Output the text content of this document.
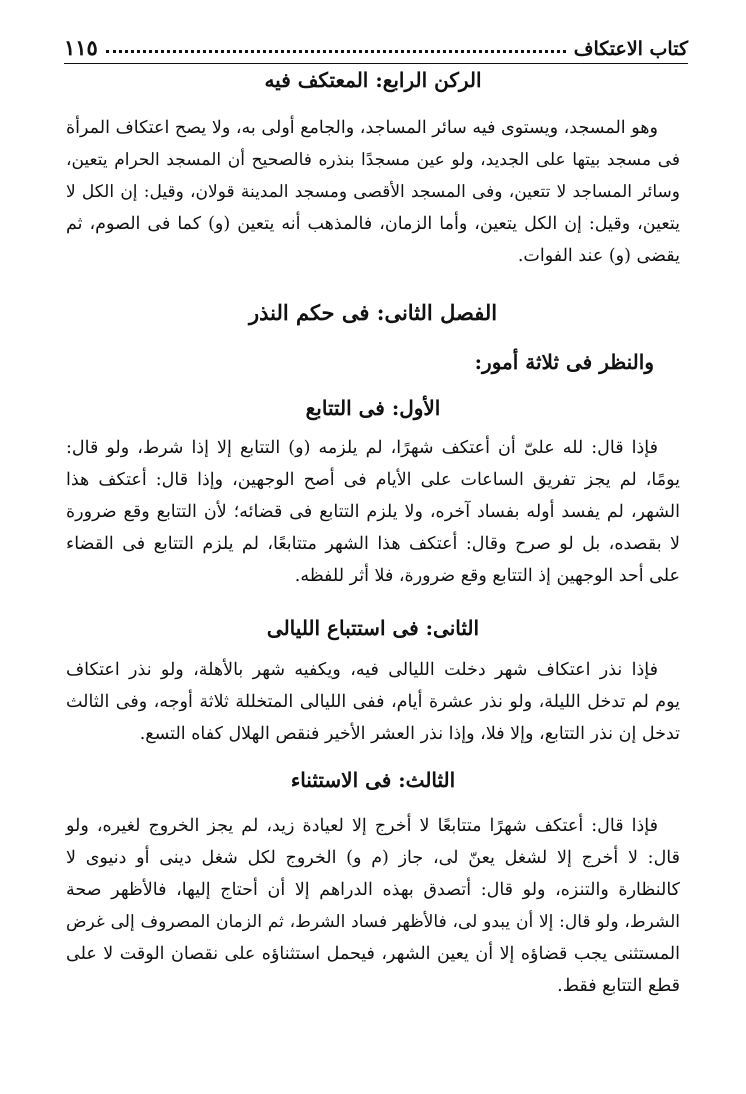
كتاب الاعتكاف
١١٥
الركن الرابع: المعتكف فيه
وهو المسجد، ويستوى فيه سائر المساجد، والجامع أولى به، ولا يصح اعتكاف المرأة
فى مسجد بيتها على الجديد، ولو عين مسجدًا بنذره فالصحيح أن المسجد الحرام يتعين،
وسائر المساجد لا تتعين، وفى المسجد الأقصى ومسجد المدينة قولان، وقيل: إن الكل لا
يتعين، وقيل: إن الكل يتعين، وأما الزمان، فالمذهب أنه يتعين (و) كما فى الصوم، ثم
يقضى (و) عند الفوات.
الفصل الثانى: فى حكم النذر
والنظر فى ثلاثة أمور:
الأول: فى التتابع
فإذا قال: لله علىّ أن أعتكف شهرًا، لم يلزمه (و) التتابع إلا إذا شرط، ولو قال:
يومًا، لم يجز تفريق الساعات على الأيام فى أصح الوجهين، وإذا قال: أعتكف هذا
الشهر، لم يفسد أوله بفساد آخره، ولا يلزم التتابع فى قضائه؛ لأن التتابع وقع ضرورة
لا بقصده، بل لو صرح وقال: أعتكف هذا الشهر متتابعًا، لم يلزم التتابع فى القضاء
على أحد الوجهين إذ التتابع وقع ضرورة، فلا أثر للفظه.
الثانى: فى استتباع الليالى
فإذا نذر اعتكاف شهر دخلت الليالى فيه، ويكفيه شهر بالأهلة، ولو نذر اعتكاف
يوم لم تدخل الليلة، ولو نذر عشرة أيام، ففى الليالى المتخللة ثلاثة أوجه، وفى الثالث
تدخل إن نذر التتابع، وإلا فلا، وإذا نذر العشر الأخير فنقص الهلال كفاه التسع.
الثالث: فى الاستثناء
فإذا قال: أعتكف شهرًا متتابعًا لا أخرج إلا لعيادة زيد، لم يجز الخروج لغيره، ولو
قال: لا أخرج إلا لشغل يعنّ لى، جاز (م و) الخروج لكل شغل دينى أو دنيوى لا
كالنظارة والتنزه، ولو قال: أتصدق بهذه الدراهم إلا أن أحتاج إليها، فالأظهر صحة
الشرط، ولو قال: إلا أن يبدو لى، فالأظهر فساد الشرط، ثم الزمان المصروف إلى غرض
المستثنى يجب قضاؤه إلا أن يعين الشهر، فيحمل استثناؤه على نقصان الوقت لا على
قطع التتابع فقط.
